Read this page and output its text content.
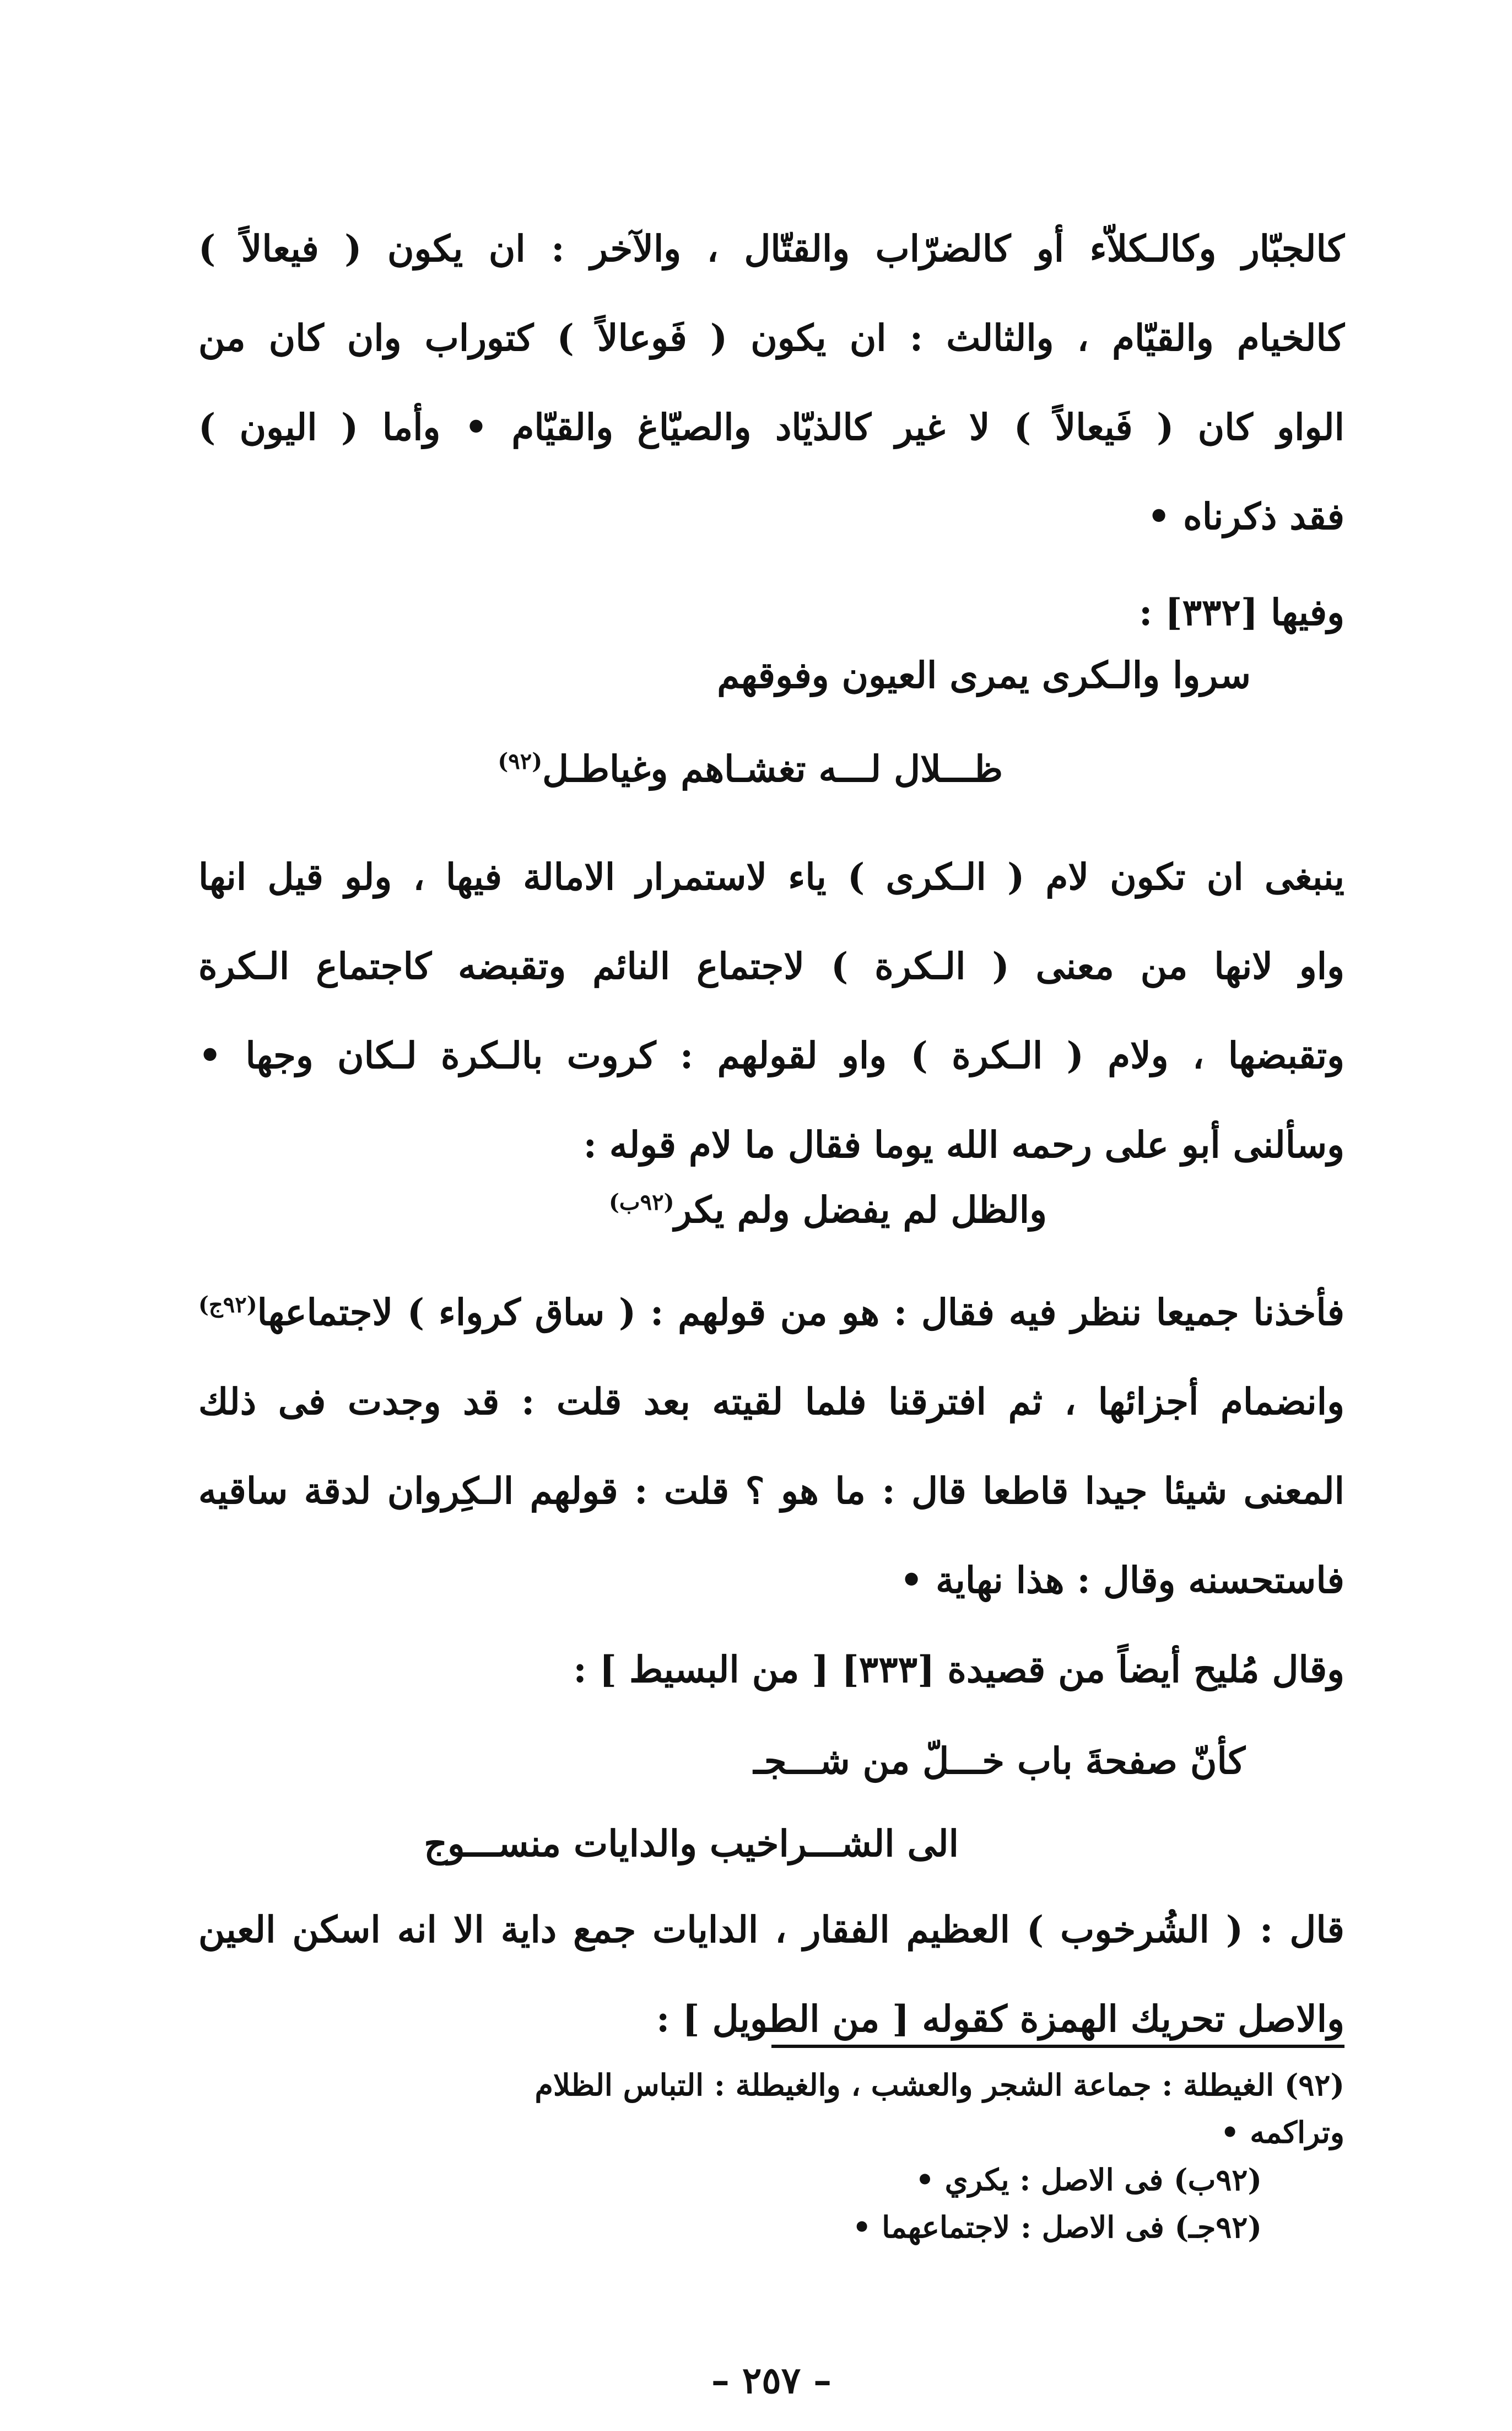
كالجبّار وكالـكلاّء أو كالضرّاب والقتّال ، والآخر : ان يكون ( فيعالاً )
كالخيام والقيّام ، والثالث : ان يكون ( فَوعالاً ) كتوراب وان كان من
الواو كان ( فَيعالاً ) لا غير كالذيّاد والصيّاغ والقيّام • وأما ( اليون )
فقد ذكرناه •
وفيها [٣٣٢] :
سروا والـكرى يمرى العيون وفوقهم
ظـــلال لـــه تغشـاهم وغياطـل$^{(٩٢)}$
ينبغى ان تكون لام ( الـكرى ) ياء لاستمرار الامالة فيها ، ولو قيل انها
واو لانها من معنى ( الـكرة ) لاجتماع النائم وتقبضه كاجتماع الـكرة
وتقبضها ، ولام ( الـكرة ) واو لقولهم : كروت بالـكرة لـكان وجها •
وسألنى أبو على رحمه الله يوما فقال ما لام قوله :
والظل لم يفضل ولم يكر$^{(٩٢ب)}$
فأخذنا جميعا ننظر فيه فقال : هو من قولهم : ( ساق كرواء ) لاجتماعها$^{(٩٢ج)}$
وانضمام أجزائها ، ثم افترقنا فلما لقيته بعد قلت : قد وجدت فى ذلك
المعنى شيئا جيدا قاطعا قال : ما هو ؟ قلت : قولهم الـكِروان لدقة ساقيه
فاستحسنه وقال : هذا نهاية •
وقال مُليح أيضاً من قصيدة [٣٣٣] [ من البسيط ] :
كأنّ صفحةَ باب خـــلّ من شـــجـ
الى الشـــراخيب والدايات منســـوج
قال : ( الشُرخوب ) العظيم الفقار ، الدايات جمع داية الا انه اسكن العين
والاصل تحريك الهمزة كقوله [ من الطويل ] :
(٩٢) الغيطلة : جماعة الشجر والعشب ، والغيطلة : التباس الظلام
وتراكمه •
(٩٢ب) فى الاصل : يكري •
(٩٢جـ) فى الاصل : لاجتماعهما •
– ٢٥٧ –
